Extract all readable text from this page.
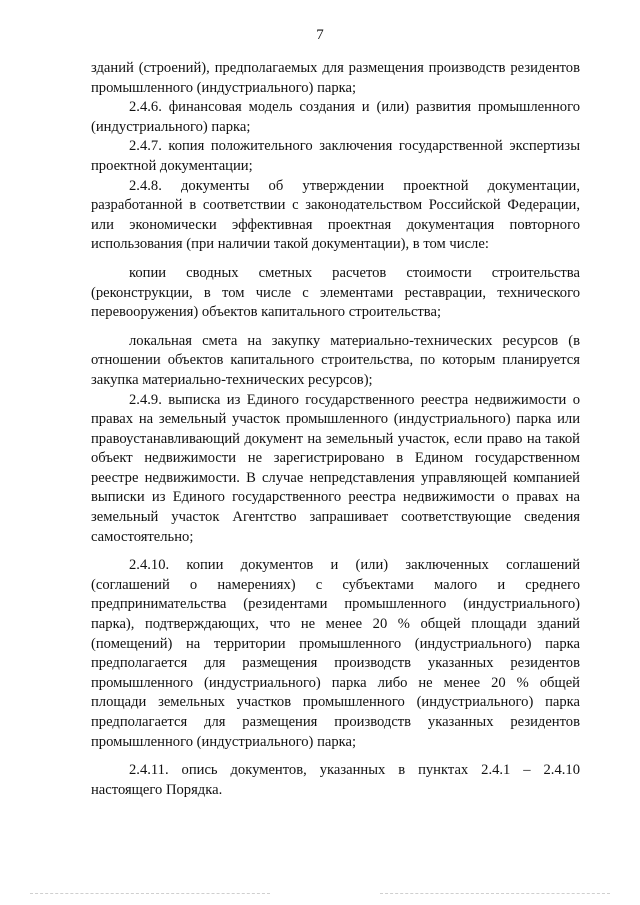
7

зданий (строений), предполагаемых для размещения производств резидентов промышленного (индустриального) парка;

2.4.6. финансовая модель создания и (или) развития промышленного (индустриального) парка;

2.4.7. копия положительного заключения государственной экспертизы проектной документации;

2.4.8. документы об утверждении проектной документации, разработанной в соответствии с законодательством Российской Федерации, или экономически эффективная проектная документация повторного использования (при наличии такой документации), в том числе:

копии сводных сметных расчетов стоимости строительства (реконструкции, в том числе с элементами реставрации, технического перевооружения) объектов капитального строительства;

локальная смета на закупку материально-технических ресурсов (в отношении объектов капитального строительства, по которым планируется закупка материально-технических ресурсов);

2.4.9. выписка из Единого государственного реестра недвижимости о правах на земельный участок промышленного (индустриального) парка или правоустанавливающий документ на земельный участок, если право на такой объект недвижимости не зарегистрировано в Едином государственном реестре недвижимости. В случае непредставления управляющей компанией выписки из Единого государственного реестра недвижимости о правах на земельный участок Агентство запрашивает соответствующие сведения самостоятельно;

2.4.10. копии документов и (или) заключенных соглашений (соглашений о намерениях) с субъектами малого и среднего предпринимательства (резидентами промышленного (индустриального) парка), подтверждающих, что не менее 20 % общей площади зданий (помещений) на территории промышленного (индустриального) парка предполагается для размещения производств указанных резидентов промышленного (индустриального) парка либо не менее 20 % общей площади земельных участков промышленного (индустриального) парка предполагается для размещения производств указанных резидентов промышленного (индустриального) парка;

2.4.11. опись документов, указанных в пунктах 2.4.1 – 2.4.10 настоящего Порядка.
